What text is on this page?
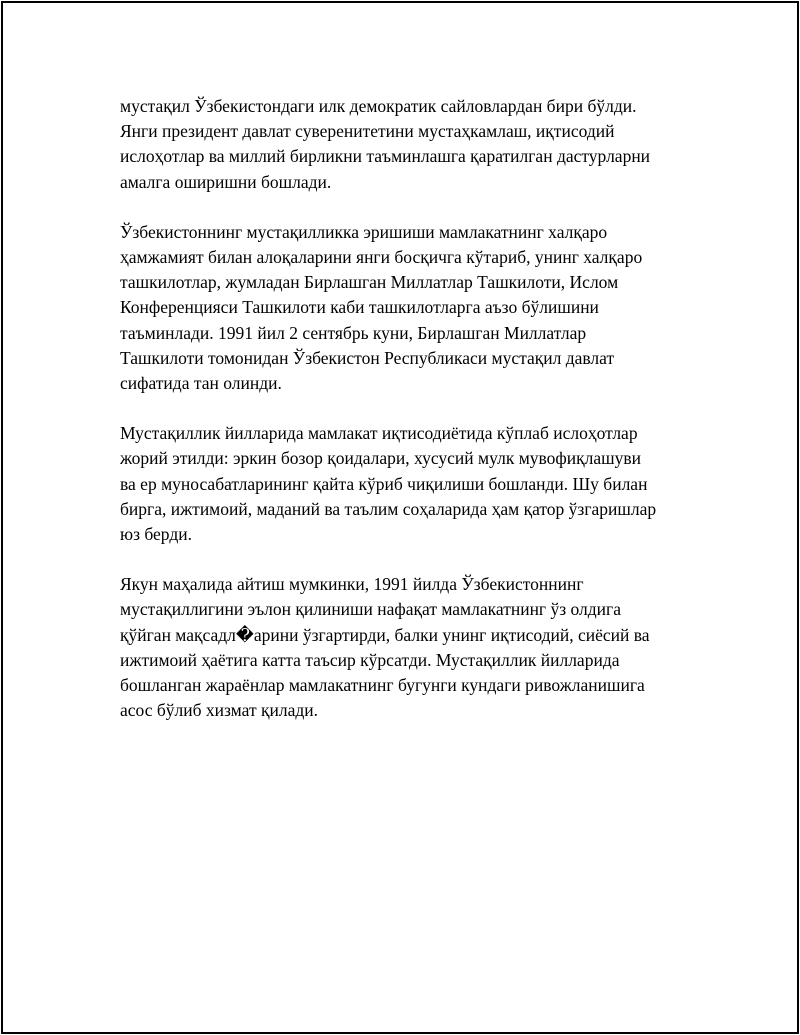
мустақил Ўзбекистондаги илк демократик сайловлардан бири бўлди.
Янги президент давлат суверенитетини мустаҳкамлаш, иқтисодий
ислоҳотлар ва миллий бирликни таъминлашга қаратилган дастурларни
амалга оширишни бошлади.

Ўзбекистоннинг мустақилликка эришиши мамлакатнинг халқаро
ҳамжамият билан алоқаларини янги босқичга кўтариб, унинг халқаро
ташкилотлар, жумладан Бирлашган Миллатлар Ташкилоти, Ислом
Конференцияси Ташкилоти каби ташкилотларга аъзо бўлишини
таъминлади. 1991 йил 2 сентябрь куни, Бирлашган Миллатлар
Ташкилоти томонидан Ўзбекистон Республикаси мустақил давлат
сифатида тан олинди.

Мустақиллик йилларида мамлакат иқтисодиётида кўплаб ислоҳотлар
жорий этилди: эркин бозор қоидалари, хусусий мулк мувофиқлашуви
ва ер муносабатларининг қайта кўриб чиқилиши бошланди. Шу билан
бирга, ижтимоий, маданий ва таълим соҳаларида ҳам қатор ўзгаришлар
юз берди.

Якун маҳалида айтиш мумкинки, 1991 йилда Ўзбекистоннинг
мустақиллигини эълон қилиниши нафақат мамлакатнинг ўз олдига
қўйган мақсадл�арини ўзгартирди, балки унинг иқтисодий, сиёсий ва
ижтимоий ҳаётига катта таъсир кўрсатди. Мустақиллик йилларида
бошланган жараёнлар мамлакатнинг бугунги кундаги ривожланишига
асос бўлиб хизмат қилади.
